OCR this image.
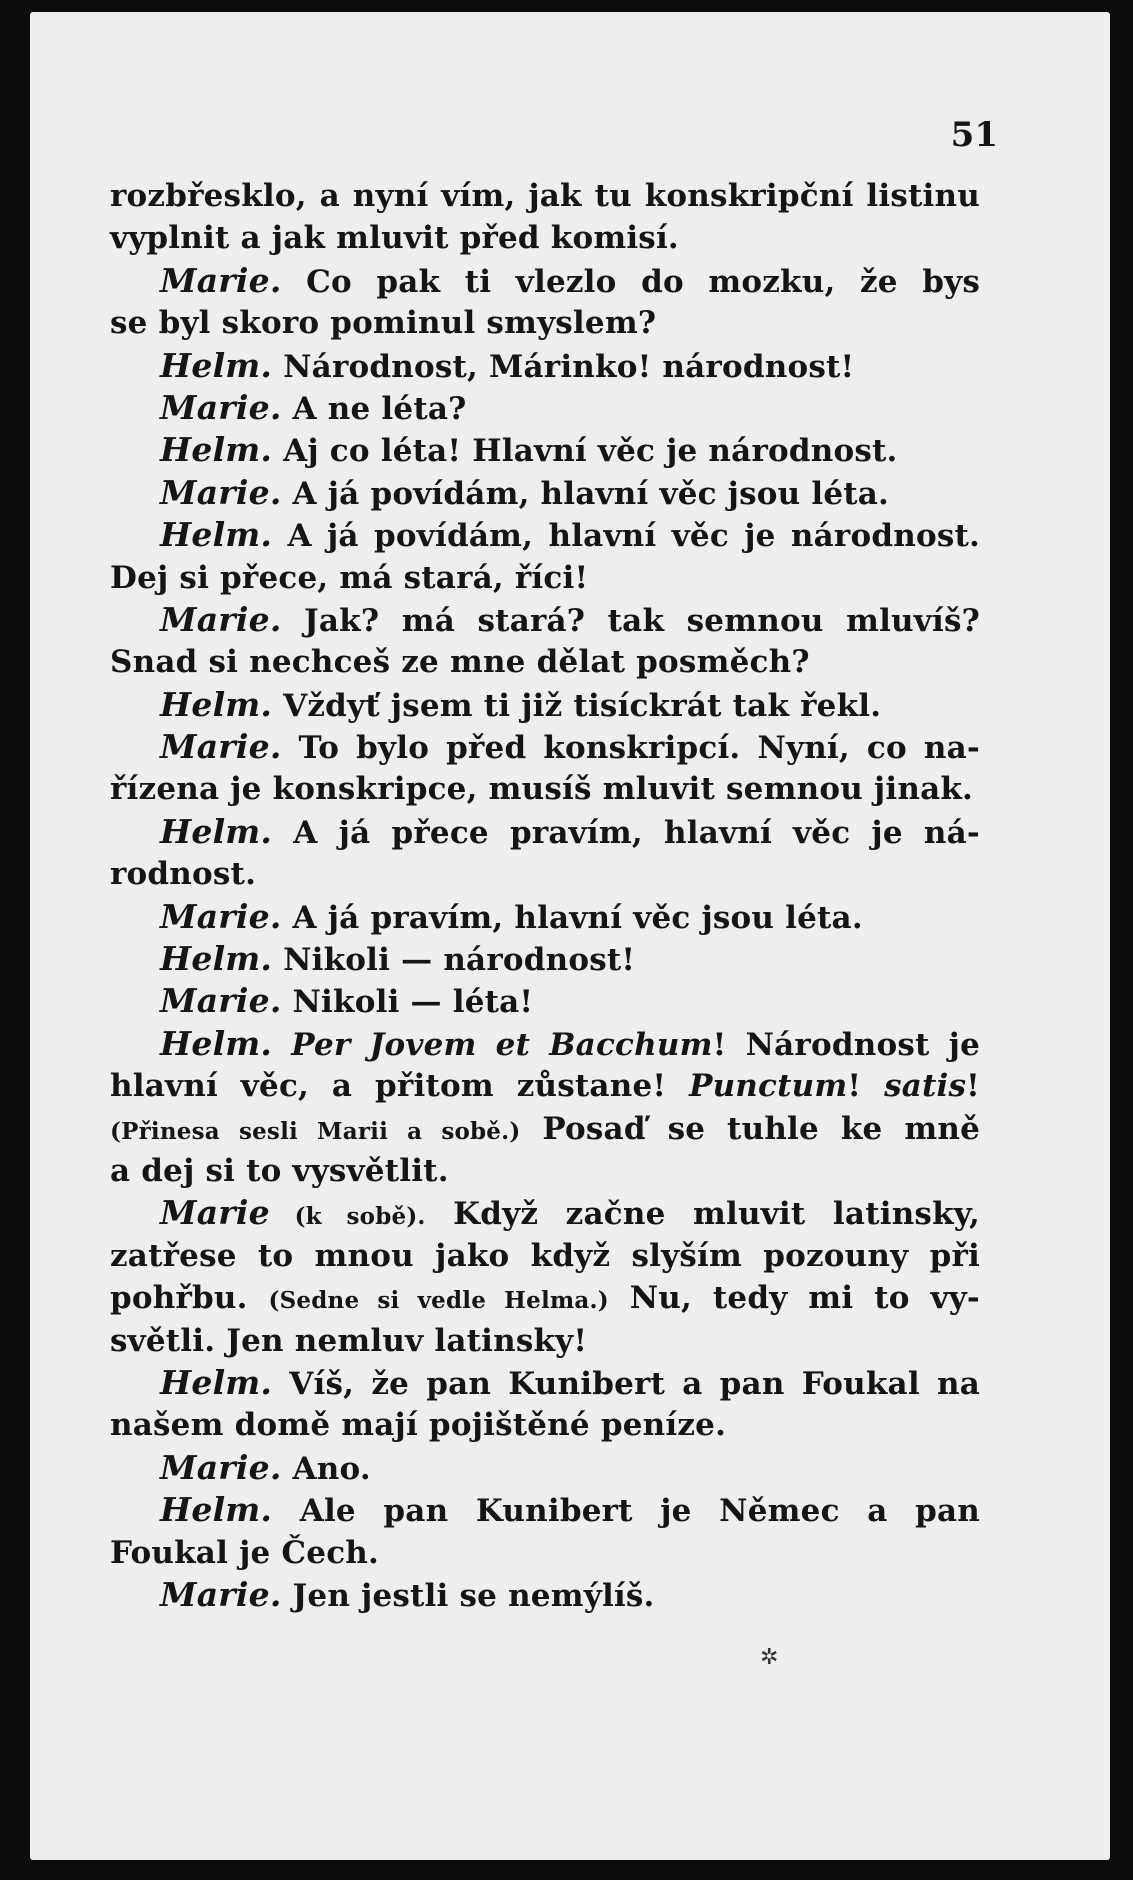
51
rozbřesklo, a nyní vím, jak tu konskripční listinu
vyplnit a jak mluvit před komisí.
Marie. Co pak ti vlezlo do mozku, že bys
se byl skoro pominul smyslem?
Helm. Národnost, Márinko! národnost!
Marie. A ne léta?
Helm. Aj co léta! Hlavní věc je národnost.
Marie. A já povídám, hlavní věc jsou léta.
Helm. A já povídám, hlavní věc je národnost.
Dej si přece, má stará, říci!
Marie. Jak? má stará? tak semnou mluvíš?
Snad si nechceš ze mne dělat posměch?
Helm. Vždyť jsem ti již tisíckrát tak řekl.
Marie. To bylo před konskripcí. Nyní, co na-
řízena je konskripce, musíš mluvit semnou jinak.
Helm. A já přece pravím, hlavní věc je ná-
rodnost.
Marie. A já pravím, hlavní věc jsou léta.
Helm. Nikoli — národnost!
Marie. Nikoli — léta!
Helm. Per Jovem et Bacchum! Národnost je
hlavní věc, a přitom zůstane! Punctum! satis!
(Přinesa sesli Marii a sobě.) Posaď se tuhle ke mně
a dej si to vysvětlit.
Marie (k sobě). Když začne mluvit latinsky,
zatřese to mnou jako když slyším pozouny při
pohřbu. (Sedne si vedle Helma.) Nu, tedy mi to vy-
světli. Jen nemluv latinsky!
Helm. Víš, že pan Kunibert a pan Foukal na
našem domě mají pojištěné peníze.
Marie. Ano.
Helm. Ale pan Kunibert je Němec a pan
Foukal je Čech.
Marie. Jen jestli se nemýlíš.
✲
